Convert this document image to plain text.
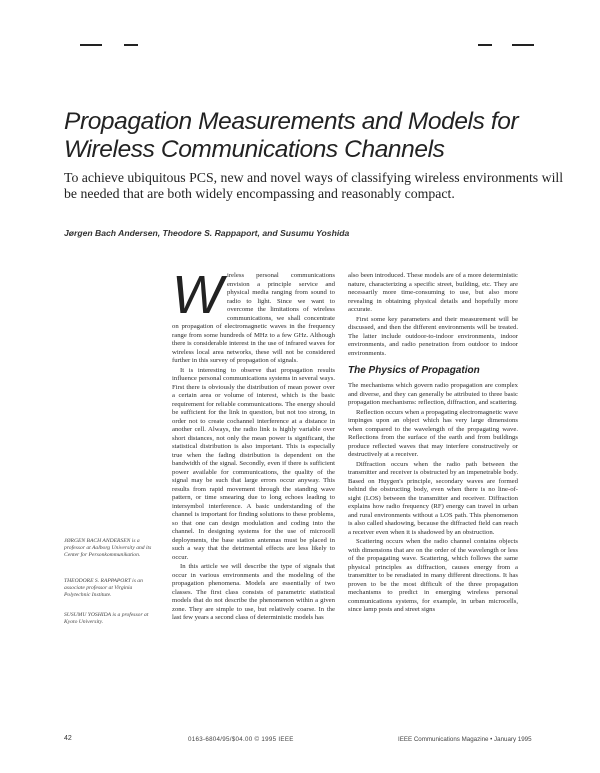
Propagation Measurements and Models for Wireless Communications Channels

To achieve ubiquitous PCS, new and novel ways of classifying wireless environments will be needed that are both widely encompassing and reasonably compact.

Jørgen Bach Andersen, Theodore S. Rappaport, and Susumu Yoshida

JØRGEN BACH ANDERSEN is a professor at Aalborg University and its Center for Personkommunikation.

THEODORE S. RAPPAPORT is an associate professor at Virginia Polytechnic Institute.

SUSUMU YOSHIDA is a professor at Kyoto University.

W ireless personal communications envision a principle service and physical media ranging from sound to radio to light. Since we want to overcome the limitations of wireless communications, we shall concentrate on propagation of electromagnetic waves in the frequency range from some hundreds of MHz to a few GHz. Although there is considerable interest in the use of infrared waves for wireless local area networks, these will not be considered further in this survey of propagation of signals.

It is interesting to observe that propagation results influence personal communications systems in several ways. First there is obviously the distribution of mean power over a certain area or volume of interest, which is the basic requirement for reliable communications. The energy should be sufficient for the link in question, but not too strong, in order not to create cochannel interference at a distance in another cell. Always, the radio link is highly variable over short distances, not only the mean power is significant, the statistical distribution is also important. This is especially true when the fading distribution is dependent on the bandwidth of the signal. Secondly, even if there is sufficient power available for communications, the quality of the signal may be such that large errors occur anyway. This results from rapid movement through the standing wave pattern, or time smearing due to long echoes leading to intersymbol interference. A basic understanding of the channel is important for finding solutions to these problems, so that one can design modulation and coding into the channel. In designing systems for the use of microcell deployments, the base station antennas must be placed in such a way that the detrimental effects are less likely to occur.

In this article we will describe the type of signals that occur in various environments and the modeling of the propagation phenomena. Models are essentially of two classes. The first class consists of parametric statistical models that do not describe the phenomenon within a given zone. They are simple to use, but relatively coarse. In the last few years a second class of deterministic models has

also been introduced. These models are of a more deterministic nature, characterizing a specific street, building, etc. They are necessarily more time-consuming to use, but also more revealing in obtaining physical details and hopefully more accurate.

First some key parameters and their measurement will be discussed, and then the different environments will be treated. The latter include outdoor-to-indoor environments, indoor environments, and radio penetration from outdoor to indoor environments.

The Physics of Propagation

The mechanisms which govern radio propagation are complex and diverse, and they can generally be attributed to three basic propagation mechanisms: reflection, diffraction, and scattering.

Reflection occurs when a propagating electromagnetic wave impinges upon an object which has very large dimensions when compared to the wavelength of the propagating wave. Reflections from the surface of the earth and from buildings produce reflected waves that may interfere constructively or destructively at a receiver.

Diffraction occurs when the radio path between the transmitter and receiver is obstructed by an impenetrable body. Based on Huygen's principle, secondary waves are formed behind the obstructing body, even when there is no line-of-sight (LOS) between the transmitter and receiver. Diffraction explains how radio frequency (RF) energy can travel in urban and rural environments without a LOS path. This phenomenon is also called shadowing, because the diffracted field can reach a receiver even when it is shadowed by an obstruction.

Scattering occurs when the radio channel contains objects with dimensions that are on the order of the wavelength or less of the propagating wave. Scattering, which follows the same physical principles as diffraction, causes energy from a transmitter to be reradiated in many different directions. It has proven to be the most difficult of the three propagation mechanisms to predict in emerging wireless personal communications systems, for example, in urban microcells, since lamp posts and street signs

42	0163-6804/95/$04.00 © 1995 IEEE	IEEE Communications Magazine • January 1995
